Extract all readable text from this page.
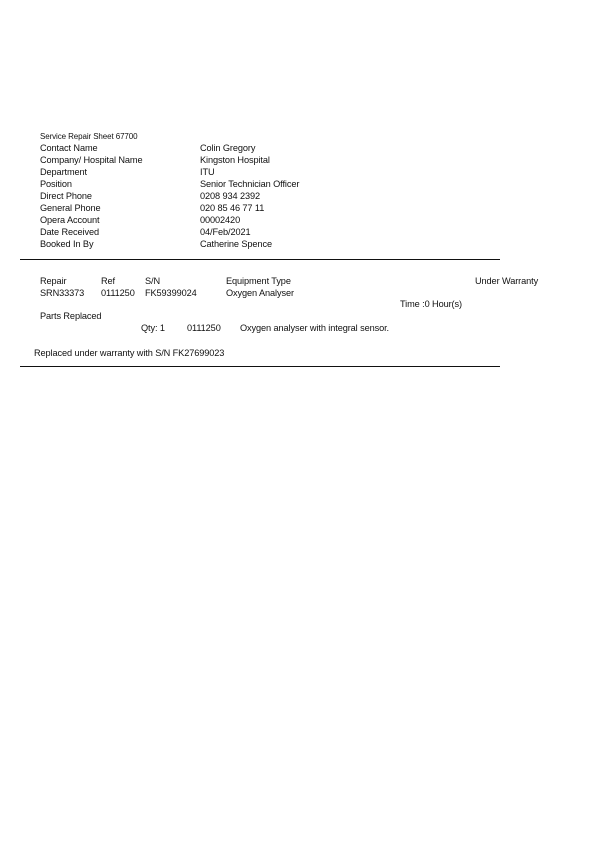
Service Repair Sheet 67700
Contact Name	Colin Gregory
Company/ Hospital Name	Kingston Hospital
Department	ITU
Position	Senior Technician Officer
Direct Phone	0208 934 2392
General Phone	020 85 46 77 11
Opera Account	00002420
Date Received	04/Feb/2021
Booked In By	Catherine Spence
Repair	Ref	S/N	Equipment Type	Under Warranty
SRN33373 0111250 FK59399024	Oxygen Analyser
Time :0 Hour(s)
Parts Replaced
Qty: 1 0111250 Oxygen analyser with integral sensor.
Replaced under warranty with S/N FK27699023
